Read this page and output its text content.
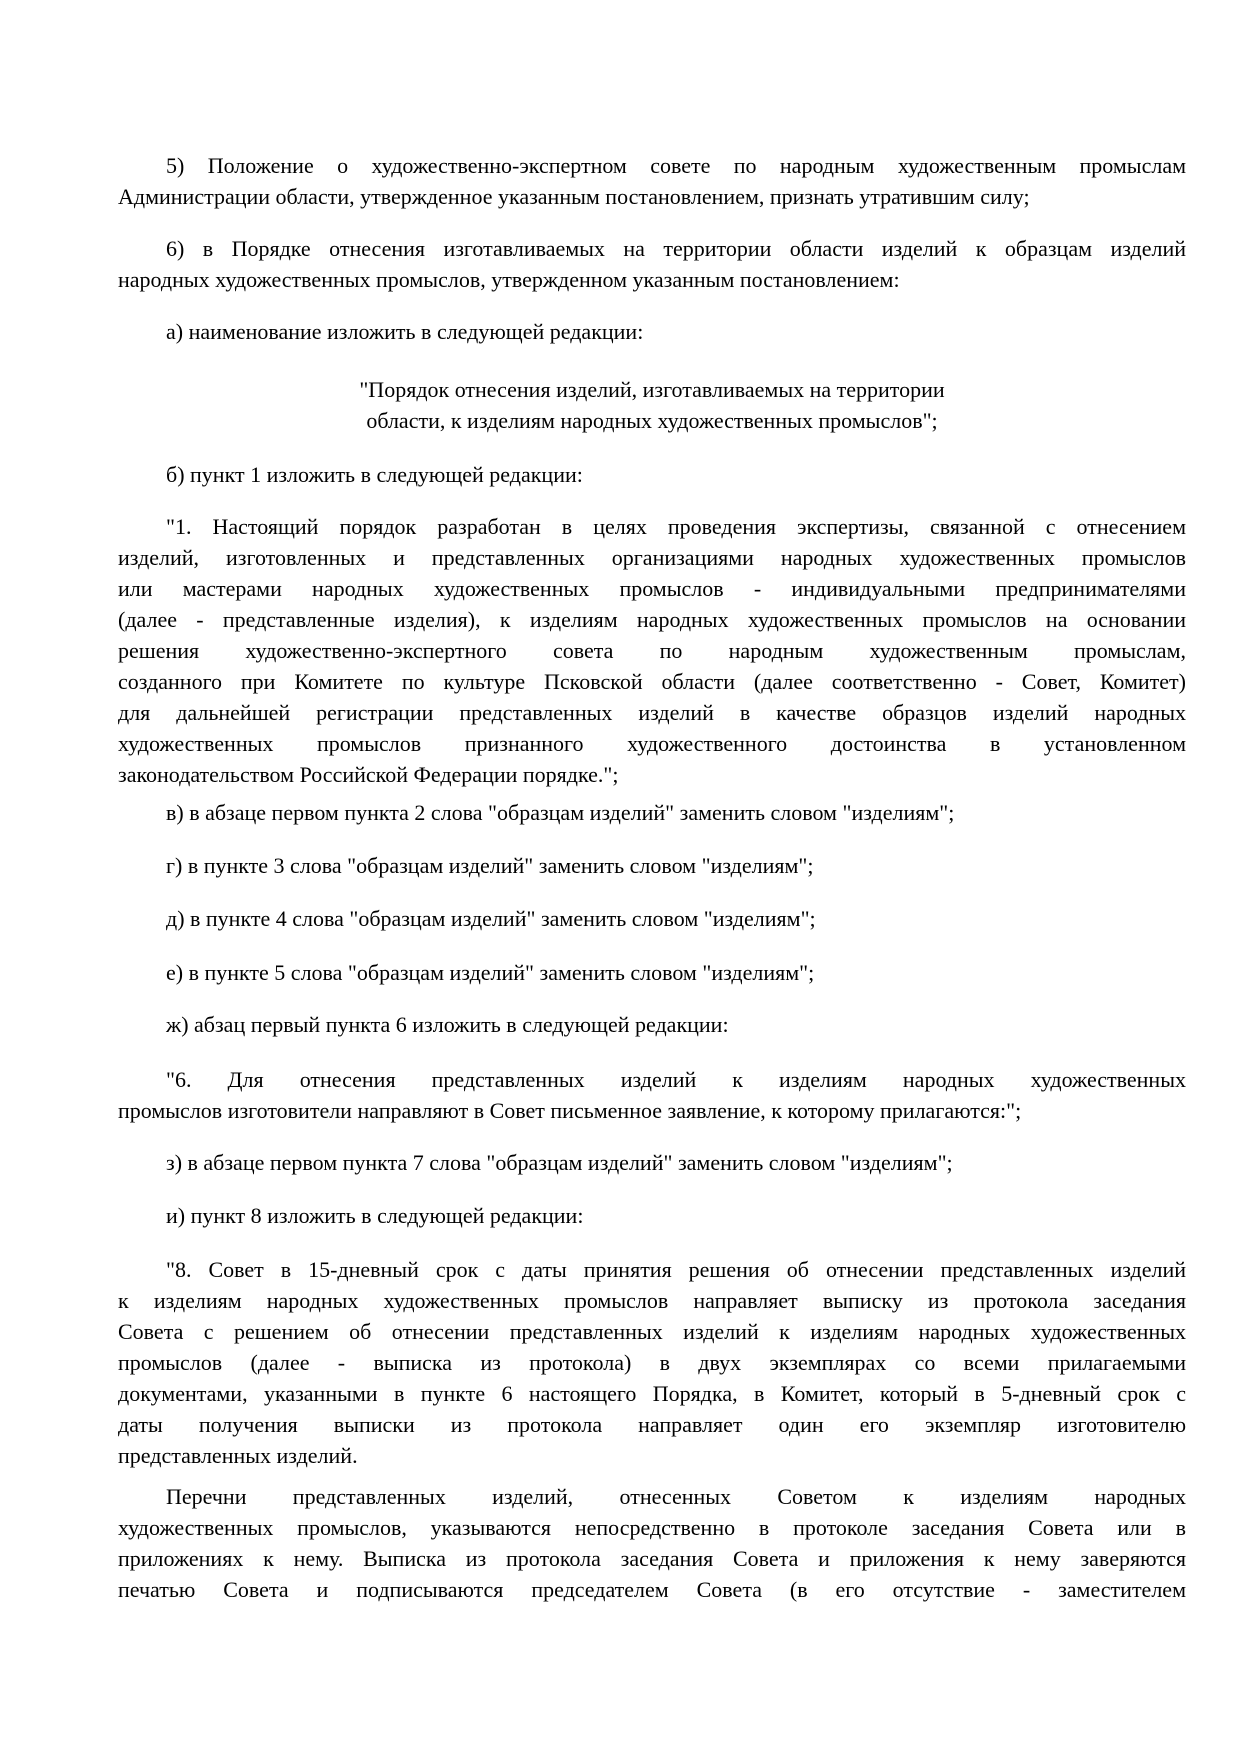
5) Положение о художественно-экспертном совете по народным художественным промыслам
Администрации области, утвержденное указанным постановлением, признать утратившим силу;
6) в Порядке отнесения изготавливаемых на территории области изделий к образцам изделий
народных художественных промыслов, утвержденном указанным постановлением:
а) наименование изложить в следующей редакции:
"Порядок отнесения изделий, изготавливаемых на территории
области, к изделиям народных художественных промыслов";
б) пункт 1 изложить в следующей редакции:
"1. Настоящий порядок разработан в целях проведения экспертизы, связанной с отнесением
изделий, изготовленных и представленных организациями народных художественных промыслов
или мастерами народных художественных промыслов - индивидуальными предпринимателями
(далее - представленные изделия), к изделиям народных художественных промыслов на основании
решения художественно-экспертного совета по народным художественным промыслам,
созданного при Комитете по культуре Псковской области (далее соответственно - Совет, Комитет)
для дальнейшей регистрации представленных изделий в качестве образцов изделий народных
художественных промыслов признанного художественного достоинства в установленном
законодательством Российской Федерации порядке.";
в) в абзаце первом пункта 2 слова "образцам изделий" заменить словом "изделиям";
г) в пункте 3 слова "образцам изделий" заменить словом "изделиям";
д) в пункте 4 слова "образцам изделий" заменить словом "изделиям";
е) в пункте 5 слова "образцам изделий" заменить словом "изделиям";
ж) абзац первый пункта 6 изложить в следующей редакции:
"6. Для отнесения представленных изделий к изделиям народных художественных
промыслов изготовители направляют в Совет письменное заявление, к которому прилагаются:";
з) в абзаце первом пункта 7 слова "образцам изделий" заменить словом "изделиям";
и) пункт 8 изложить в следующей редакции:
"8. Совет в 15-дневный срок с даты принятия решения об отнесении представленных изделий
к изделиям народных художественных промыслов направляет выписку из протокола заседания
Совета с решением об отнесении представленных изделий к изделиям народных художественных
промыслов (далее - выписка из протокола) в двух экземплярах со всеми прилагаемыми
документами, указанными в пункте 6 настоящего Порядка, в Комитет, который в 5-дневный срок с
даты получения выписки из протокола направляет один его экземпляр изготовителю
представленных изделий.
Перечни представленных изделий, отнесенных Советом к изделиям народных
художественных промыслов, указываются непосредственно в протоколе заседания Совета или в
приложениях к нему. Выписка из протокола заседания Совета и приложения к нему заверяются
печатью Совета и подписываются председателем Совета (в его отсутствие - заместителем
